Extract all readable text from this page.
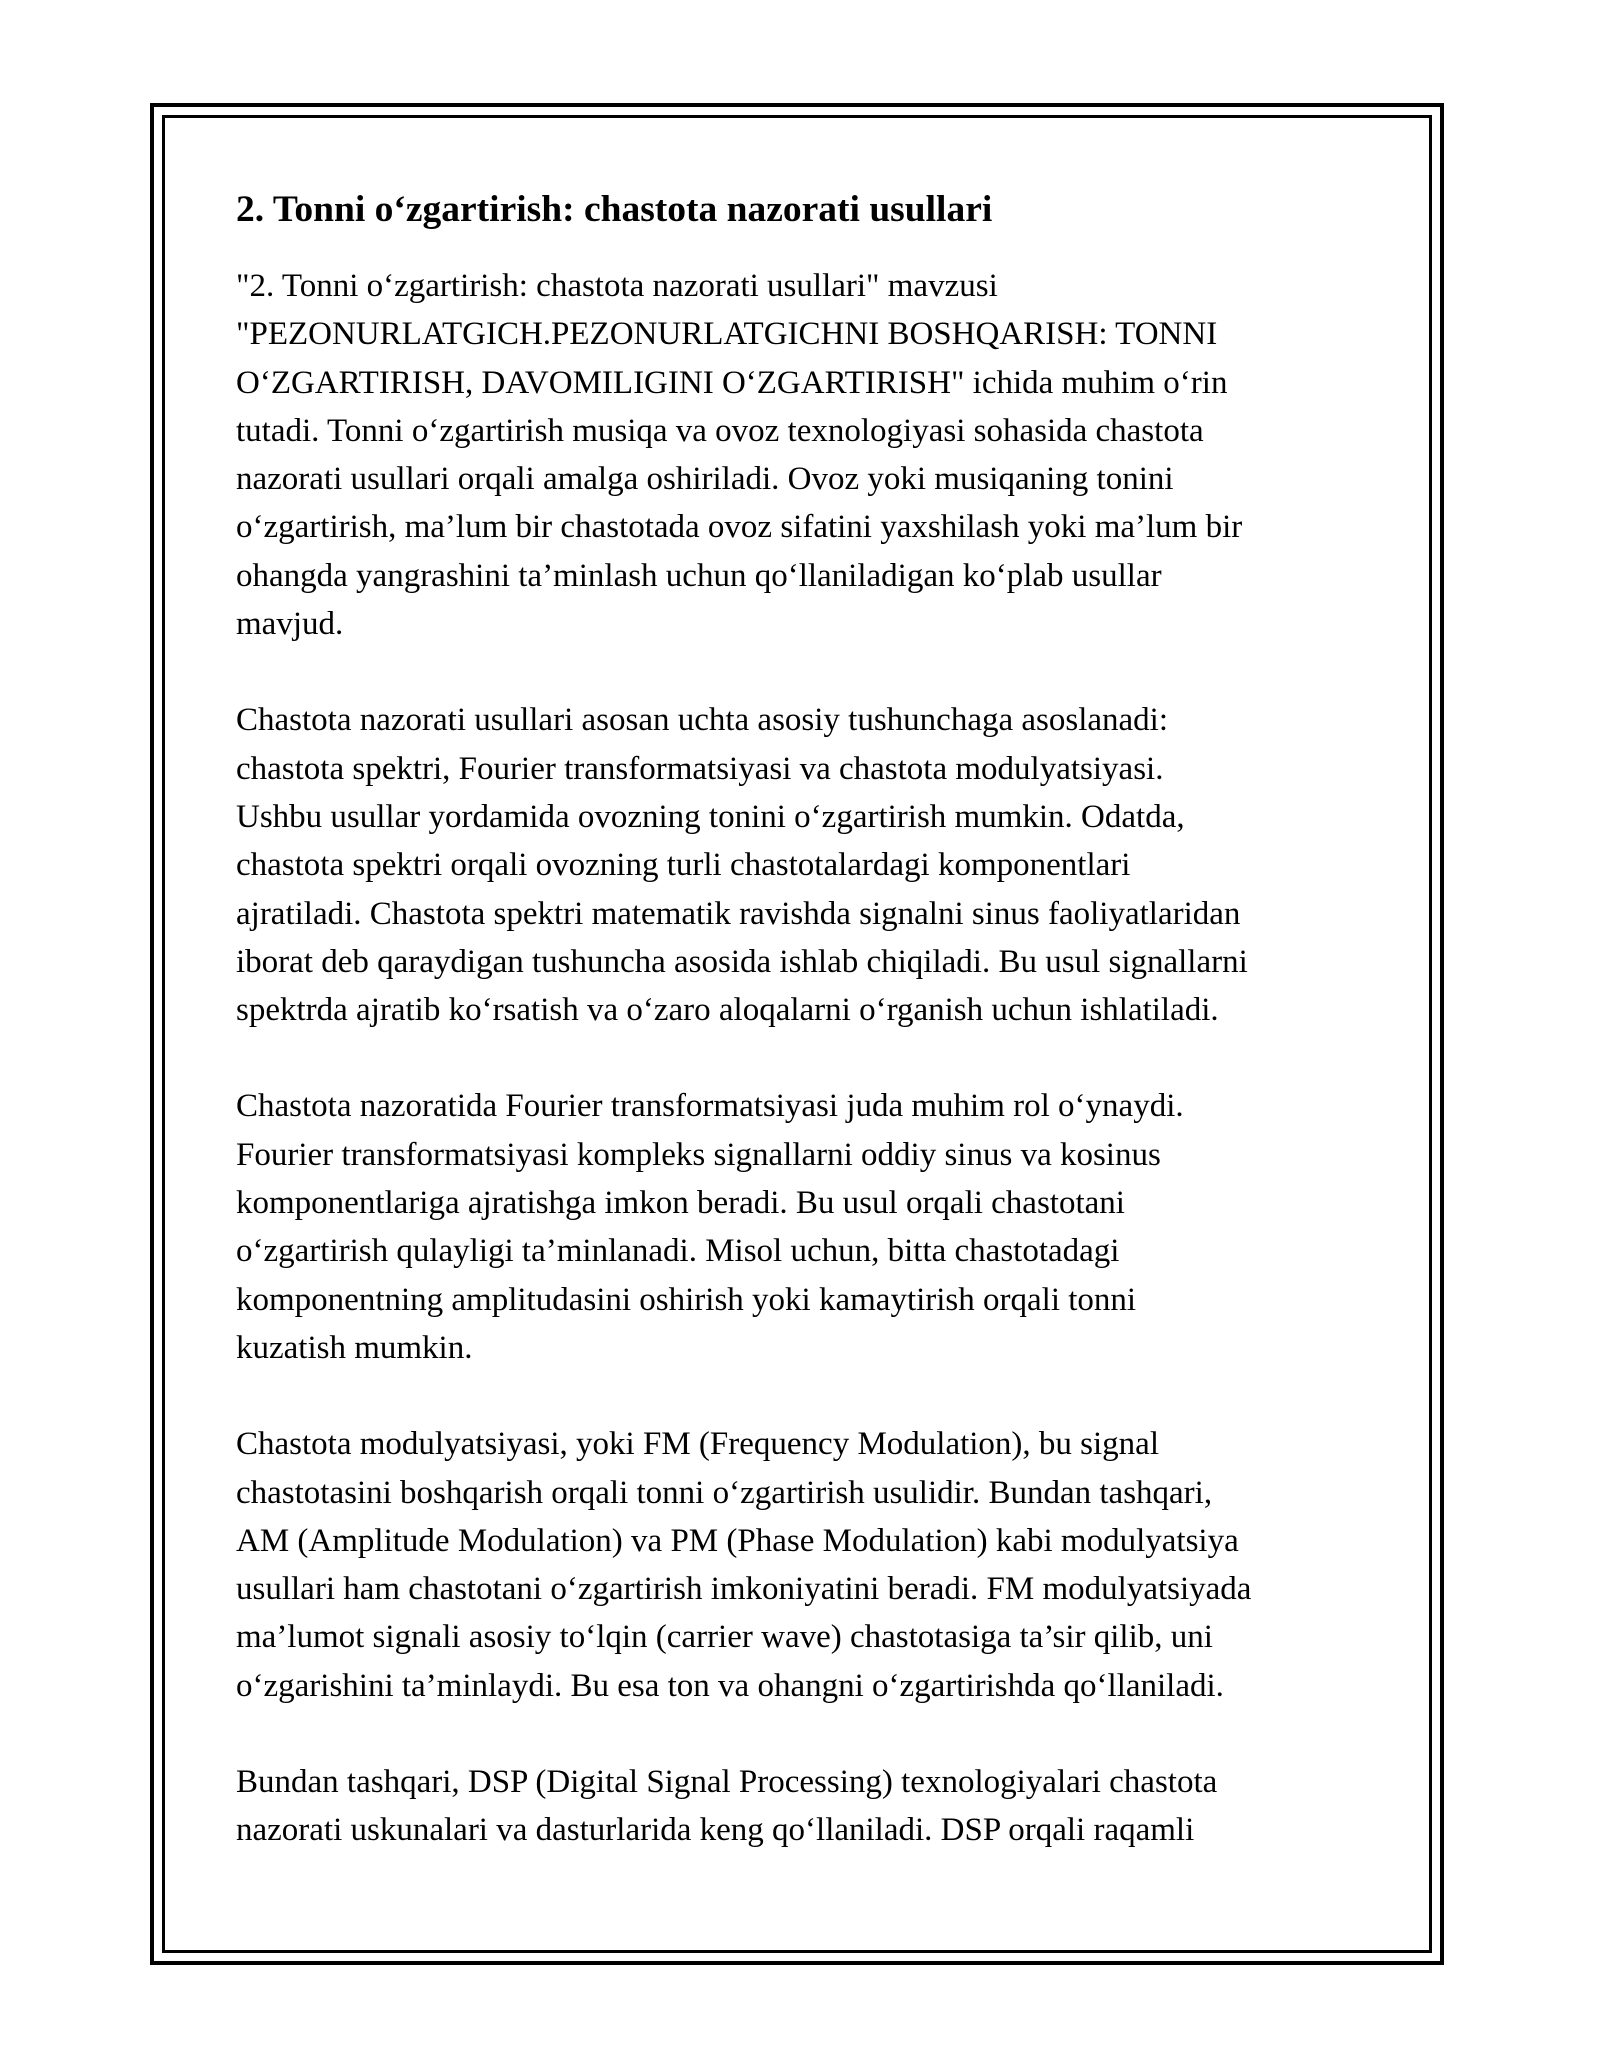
2. Tonni o‘zgartirish: chastota nazorati usullari
"2. Tonni o‘zgartirish: chastota nazorati usullari" mavzusi
"PEZONURLATGICH.PEZONURLATGICHNI BOSHQARISH: TONNI
O‘ZGARTIRISH, DAVOMILIGINI O‘ZGARTIRISH" ichida muhim o‘rin
tutadi. Tonni o‘zgartirish musiqa va ovoz texnologiyasi sohasida chastota
nazorati usullari orqali amalga oshiriladi. Ovoz yoki musiqaning tonini
o‘zgartirish, ma’lum bir chastotada ovoz sifatini yaxshilash yoki ma’lum bir
ohangda yangrashini ta’minlash uchun qo‘llaniladigan ko‘plab usullar
mavjud.
Chastota nazorati usullari asosan uchta asosiy tushunchaga asoslanadi:
chastota spektri, Fourier transformatsiyasi va chastota modulyatsiyasi.
Ushbu usullar yordamida ovozning tonini o‘zgartirish mumkin. Odatda,
chastota spektri orqali ovozning turli chastotalardagi komponentlari
ajratiladi. Chastota spektri matematik ravishda signalni sinus faoliyatlaridan
iborat deb qaraydigan tushuncha asosida ishlab chiqiladi. Bu usul signallarni
spektrda ajratib ko‘rsatish va o‘zaro aloqalarni o‘rganish uchun ishlatiladi.
Chastota nazoratida Fourier transformatsiyasi juda muhim rol o‘ynaydi.
Fourier transformatsiyasi kompleks signallarni oddiy sinus va kosinus
komponentlariga ajratishga imkon beradi. Bu usul orqali chastotani
o‘zgartirish qulayligi ta’minlanadi. Misol uchun, bitta chastotadagi
komponentning amplitudasini oshirish yoki kamaytirish orqali tonni
kuzatish mumkin.
Chastota modulyatsiyasi, yoki FM (Frequency Modulation), bu signal
chastotasini boshqarish orqali tonni o‘zgartirish usulidir. Bundan tashqari,
AM (Amplitude Modulation) va PM (Phase Modulation) kabi modulyatsiya
usullari ham chastotani o‘zgartirish imkoniyatini beradi. FM modulyatsiyada
ma’lumot signali asosiy to‘lqin (carrier wave) chastotasiga ta’sir qilib, uni
o‘zgarishini ta’minlaydi. Bu esa ton va ohangni o‘zgartirishda qo‘llaniladi.
Bundan tashqari, DSP (Digital Signal Processing) texnologiyalari chastota
nazorati uskunalari va dasturlarida keng qo‘llaniladi. DSP orqali raqamli
